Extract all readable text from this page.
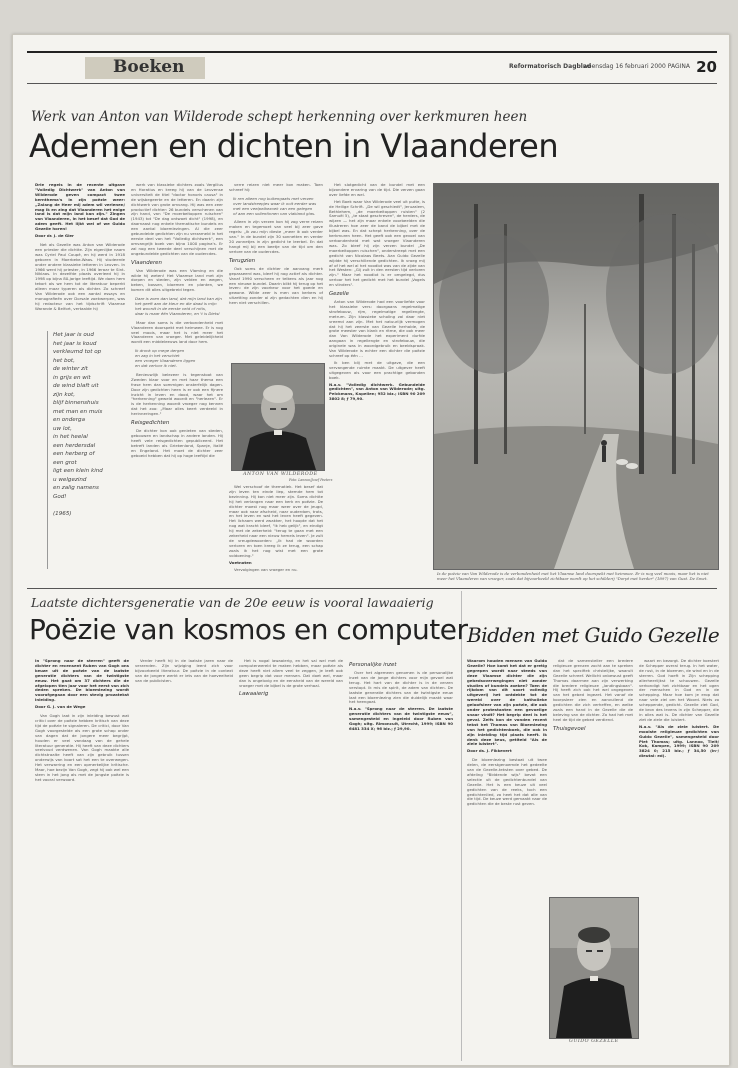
Boeken	Reformatorisch Dagblad
woensdag 16 februari 2000 PAGINA 20
Werk van Anton van Wilderode schept herkenning over kerkmuren heen
Ademen en dichten in Vlaanderen

Drie regels in de recente uitgave "Volledig Dichtwerk" van Anton van Wilderode geven compact twee kernthema's in zijn poëzie weer: „Zalang de Heer mij adem wil verlenen/ mag ik en zing dat Vlaanderen het enige land is dat mijn land kan zijn." Zingen van Vlaanderen, in het besef dat God de adem geeft. Het lijkt wel of we Guido Gezelle horen!

Door dr. J. de Gier

Net als Gezelle was Anton van Wilderode een priester die dichtte. Zijn eigenlijke naam was Cyriel Paul Coupé, en hij werd in 1918 geboren in Moerbeke-Waas. Hij studeerde onder andere klassieke letteren in Leuven. In 1966 werd hij priester, in 1966 leraar te Sint-Niklaas. In dezelfde plaats overleed hij in 1998 op bijna 80-jarige leeftijd. We doen hem tekort als we hem tot de literatuur beperkt alleen maar typeren als dichter. Zo schreef Van Wilderode ook een aantal essays en monografieën over Dorsale zoekwerpen, was hij redacteur van het tijdschrift Vlaamse Warande & Belfort, vertaalde hij

Het jaar is oud
het jaar is koud
verkleumd tot op
het bot,
de winter zit
in grijs en wit
de wind blaft uit
zijn kot,
blijf binnenshuis
met man en muis
en ondergа
uw lot,
in het heelal
een herdersdal
een herberg of
een grot
ligt een klein kind
u welgezind
en zalig namens
God!

(1965)

werk van klassieke dichters zoals Vergilius en Horatius en kreeg hij van de Leuvense universiteit de titel "doctor honoris causa" in de wijsbegeerte en de letteren. En daarin zijn dichtwerk van grote omvang. Hij was een zeer productief dichter: 26 bundels verschenen van zijn hand, van "De moerbeitoppen ruischen" (1943) tot "De dag ontwoet dicht" (1998), en daarnaast nog enkele thematische bundels en een aantal bloemlezingen. Al die zeer gebundelde gedichten zijn nu verzameld in het eerste deel van het "Volledig dichtwerk", een omvangrijk boek van bijna 1000 pagina's. Er zal nog een tweede deel verschijnen met de ongebundelde gedichten van de oudercdes.

Vlaanderen

Van Wilderode was een Vlaming en die wilde hij weten! Het Vlaamse land met zijn dorpen en steden, zijn velden en wegen, beken, bossen, bloemen en planten, we komen dit alles uitgebreid tegen.

Daar is zoen dan land, dat mijn land kan zijn
het geeft aan de kleur en die daad is mijn
het woordt in de eerste veld of rotis,
daar is maar één Vlaanderen, en 't is Dietsl

Maar dan soms is die verbondenheid met Vlaanderen doorspekt met heimwee. Er is nog veel moois, maar het is niet meer het Vlaanderen van vroeger. Met geleidelijkheid wordt een middeleeuws land door hem.

Ik dronk op mege dergen
en zag in het verschiet
een vroeger Vlaanderen liggen
en dat verloor ik niet.

Benieuwlijk belezeer is tegenstoot van Zweden klaar voor en met haar thema een frase hem dan sommigen onsterfelijk dagen. Door zijn gedichten heen is er ook een fijnere inzicht in leven en dood, waar het om "herkenning" geweld woordt en "herlezen". Er is de herkenning woordt vroeger nog kennen dat het zoo: „Maar alles keert verdeeld in herinneringen."

Reisgedichten

De dichter kon ook genieten van steden, gebouwen en landschap in andere landen. Hij heeft vele reisgedichten gepubliceerd. Het betreft landen als Griekenland, Spanje, Italië en Engeland. Het moet de dichter zeer geboeid hebben dat hij op hoge leeftijd die

verre reizen niet meer kon maken. Toen schreef hij:

Ik ren alleen nog buitengaats met verzen
over landstreepjes waar ik ooit eerder was
met een veelpelbezoek van een gelegen
of aan een sollentinnen van vlakland glas.

Alleen in zijn verzen kon hij zog verre reizen maken en tegemoet van veel bij zeer gave regels: „Ik zou mijn dieste „meer ik ook verder van." In de bundel zijn 30 sonnetten en verder 20 zonnetjes in zijn gedicht te leerbel. En dat hangt mij bij een beetje van de tijd om den verlore van de oudercdes.

Terugzien

Ook soms de dichter de aanvang merk gepasseerd was, bleef hij nog actief als dichter. Vanaf 1990 verscheen er telkens als jaar nog een nieuwe bundel. Daarin blikt hij terug op het leven: de zijn voorkeur voor het goede en gewone. Wilde zeer is men van kerkers of uitzetting zonder al zijn gedachten dien en hij hem niet verschillen.

ANTON VAN WILDERODE
Foto: Lannoo/Jozef Peeters

Wel verschoof de thematiek. Het besef dat zijn leven ten einde liep, stemde hem tot bezinning. Hij kon niet meer zijn. Soms dichtte hij het verlangen naar een kerk en poëzie. De dichter moest nog maar weer over de jeugd, maar ook naar afscheid, naar ouderdom, trots, en het leven en wat het leven heeft gegeven. Het lichaam werd zwakker, het hoopte dat het nog wat kracht bleef, "ik heb gelijk", en eindigt hij met de zekerheid: "terug te gaan met een zekerheid naar een nieuw hemels leven". Je zult de vreugdewoorden: „Ik had de woorden verloren en toen kreeg ik ze terug, een schap zoals ik het nog wist met een grote voldoening."

Voetnoten

Vervolgingen van vroeger en nu.

Het slotgedicht van de bundel met een bijzondere ervaring van de tijd. Die verzen gaan over liefde en wel.

Het Boek waar Van Wilderode veel uit putte, is de Heilige Schrift. „De wil geschiedt", Jeruzalem, Bethlehem, „de moerbeitoppen ruisten" (2 Samuël 5), „te staat geschreven", de herders, de wijzen — het zijn maar enkele voorbeelden die illustreren hoe zeer de band de bijbel met de bijbel was. En dat schept herkenning, over de kerkmuren heen. Het geeft ook een gevoel van verbondenheid met wat vroeger Vlaanderen was. Zo bleef hij zijn verzen bundel „De moerbeitoppen ruischen", onderstreept met een gedicht van Nicolaas Beets. Aan Guido Gezelle wijdde hij verschillende gedichten. Ik vroeg mij af of het wel al het noodlot was van de zijde van het Westen: „Gij zult in den eersten tijd verloren zijn." Maar het noodlot is er omgelegd, dus verloor het het gedicht met het bundel „Vogels en vlinders".

Gezelle

Anton van Wilderode had een voorliefde voor het klassieke vers: doorgaans regelmatige strofebouw, rijm, regelmatige regellengte, metrum. Zijn klassieke scholing zal daar niet vreemd aan zijn. Met het natuurlijk vermogen dat hij het zeerste van Gezelle herhalde, de grote meester van klank en ritme, die ook meer dan Van Wilderode het experiment durfde aangaan in regellengte en strofebouw, die originele was in woordgebruik en beeldspraak. Van Wilderode is echter een dichter die poëzie schreef op één ...

Ik ben blij met de uitgave, die een vervangende ruimte maakt. De uitgever heeft uitgegeven als voor een prachtige gebonden boek.

N.a.v. "Volledig dichtwerk. Gebundelde gedichten", van Anton van Wilderode; uitg. Pelckmans, Kapellen; 952 blz.; ISBN 90 209 3802 8; ƒ 79,90.

Is de poëzie van Van Wilderode is de verbondenheid met het Vlaamse land doorspekt met heimwee. Er is nog veel moois, maar het is niet meer het Vlaanderen van vroeger, zoals dat bijvoorbeeld zichtbaar wordt op het schilderij "Dorpt met herder" (1897) van Gust. De Smet.
Laatste dichtersgeneratie van de 20e eeuw is vooral lawaaierig
Poëzie van kosmos en computer

In "Sprong naar de sterren" geeft de dichter en recensent Ruben van Gogh ons keuze uit de poëzie van de laatste generatie dichters van de twintigste eeuw. Het gaat om 37 dichters die de afgelopen tien jaar voor het eerst van zich deden spreken. De bloemlezing wordt voorafgegaan door een stevig prozatekst inleiding.

Door G. J. van de Wege

Van Gogh laat in zijn inleiding bewust wat critici over de poëzie hebben kritisch van deze tijd de poëzie te signaleren. De critici, door Van Gogh voorgestelde als een grote schap onder van dagen dat de jongere meer begrijpt, houden er veel vandaag van de gehele literatuur generatie. Hij heeft van deze dichters veelvoud verdwenen. Van Gogh maakte alle dichtstraalte heeft van zijn gebruik tussen onderwijs van koort sat het een te overwegen. Het verwarring en een opmerkelijke kritische. Maar, hoe bezijn Van Gogh, zegt hij ook wel een stem in het jong als met de jongste poëzie is het vooral verwoord.

Verder heeft hij in de laatste jaren naar de verzenden. Zijn wijziging leent zich voor bijvoorbeeld literatuur. De poëzie in de context van de jongere werkt er iets van de hoeveelheid van de publicisten.

Het is nogal lawaaierig, en het sal wel met de computerwereld te maken hebben, maar poëzie als deze heeft niet allem veel te zeggen, je leeft ook geen begrip dat voor mensen. Dat doet wel, maar dan is ongelovig en de eensheid van de wereld van vroeger met de bijbel is de grote verhaal.

Lawaaierig

Personalijke inzet

Over het algemeen genomen is de personalijke inzet van de jonge dichters voor mijn gevoel wat terug. Het hart van de dichter is in de verzen verstopt. Ik mis de spirit, de adem van dichten. De laatste generatie dichters van de twintigste eeuw laat een bloemlezing zien die duidelijk maakt waar het heengaat.

N.a.v. "Sprong naar de sterren. De laatste generatie dichters van de twintigste eeuw", samengesteld en ingeleid door Ruben van Gogh; uitg. Rimoncuit, Utrecht, 1999; ISBN 90 6481 334 X; 96 blz.; ƒ 29,90.

Bidden met Guido Gezelle

Waarom houden mensen van Guido Gezelle? Hoe komt het dat er gretig gegrepen wordt naar steeds van deze Vlaamse dichter die zijn gebedsoverwegingen niet zonder studies of bundels zoeken? Toen de rijkdom van dit soort volledig uitgeverij het ontdekte tot de wereld over de katholieke geloofsleer van zijn poëzie, die ook onder protestanten een gevoelige snaar vindt? Het begrip deel is het geval. Zelfs kon de vonden recent tekst het Thomas van Bloemlezing van het gedichtenboek, die ook in zijn inleiding tijd plaats heeft. Ik denk deze keus, getiteld "Als de ziele luistert".

Door ds. J. Fikkevert

De bloemlezing bestaat uit twee delen, de eerstgenoemde het gedeelte van de Gezelle-teksten over gebed. De afdeling "Biddende wijs" bevat een selectie uit de gedichtenbundel van Gezelle. Het is een keuze uit veel gedichten van de reeks, toch een gedichtenlied, zo heet het dat alle van die tijd. De keuze werd gemaakt naar de gedichten die de beste rust geven.

dat de samensteller een bredere religieuze grenzen zocht aan te spreken dan het specifiek christelijke, waaruit Gezelle schreef. Wellicht onbewust geeft Thomas daarmee aan zijn verwerking die bredere religieuze „landingsbaan". Hij heeft zich ook het wel ongegeven van het gebed ingezet. Het vanaf de koorpsleer zien en aanvullend de gedichten die zich verheffen, en welke zoals een hand in de Gezelle die de beleving van de dichter. Zo had het met heel de tijd de gebed verdiend.

Thuisgevoel

waart en bezorgt. De dichter koestert de Schepper overal terug. In het water, de rust, in de bloemen, de wind en in de sterren. God hoeft in Zijn schepping allerheerlijkst te schouwen. Gezelle verkondigt het zichtbaar en het ogen der menschen in God en in de schepping. Maar hoe kom je erop dat naar vele ziel om het Woord. Niets zo scheppende, gedicht. Gezelle ziet God, de bron des levens in zijn Schepper, die in alles wat is. De dichter van Gezelle ziet de ziele die luistert.

N.a.v. "Als de ziele luistert. De mooiste religieuze gedichten van Guido Gezelle", samengesteld door Piet Thomas; uitg. Lannoo, Tielt/ Kok, Kampen, 1999; ISBN 90 209 3824 0; 215 blz.; ƒ 34,50 (in-/ dieutal: ed).

GUIDO GEZELLE
